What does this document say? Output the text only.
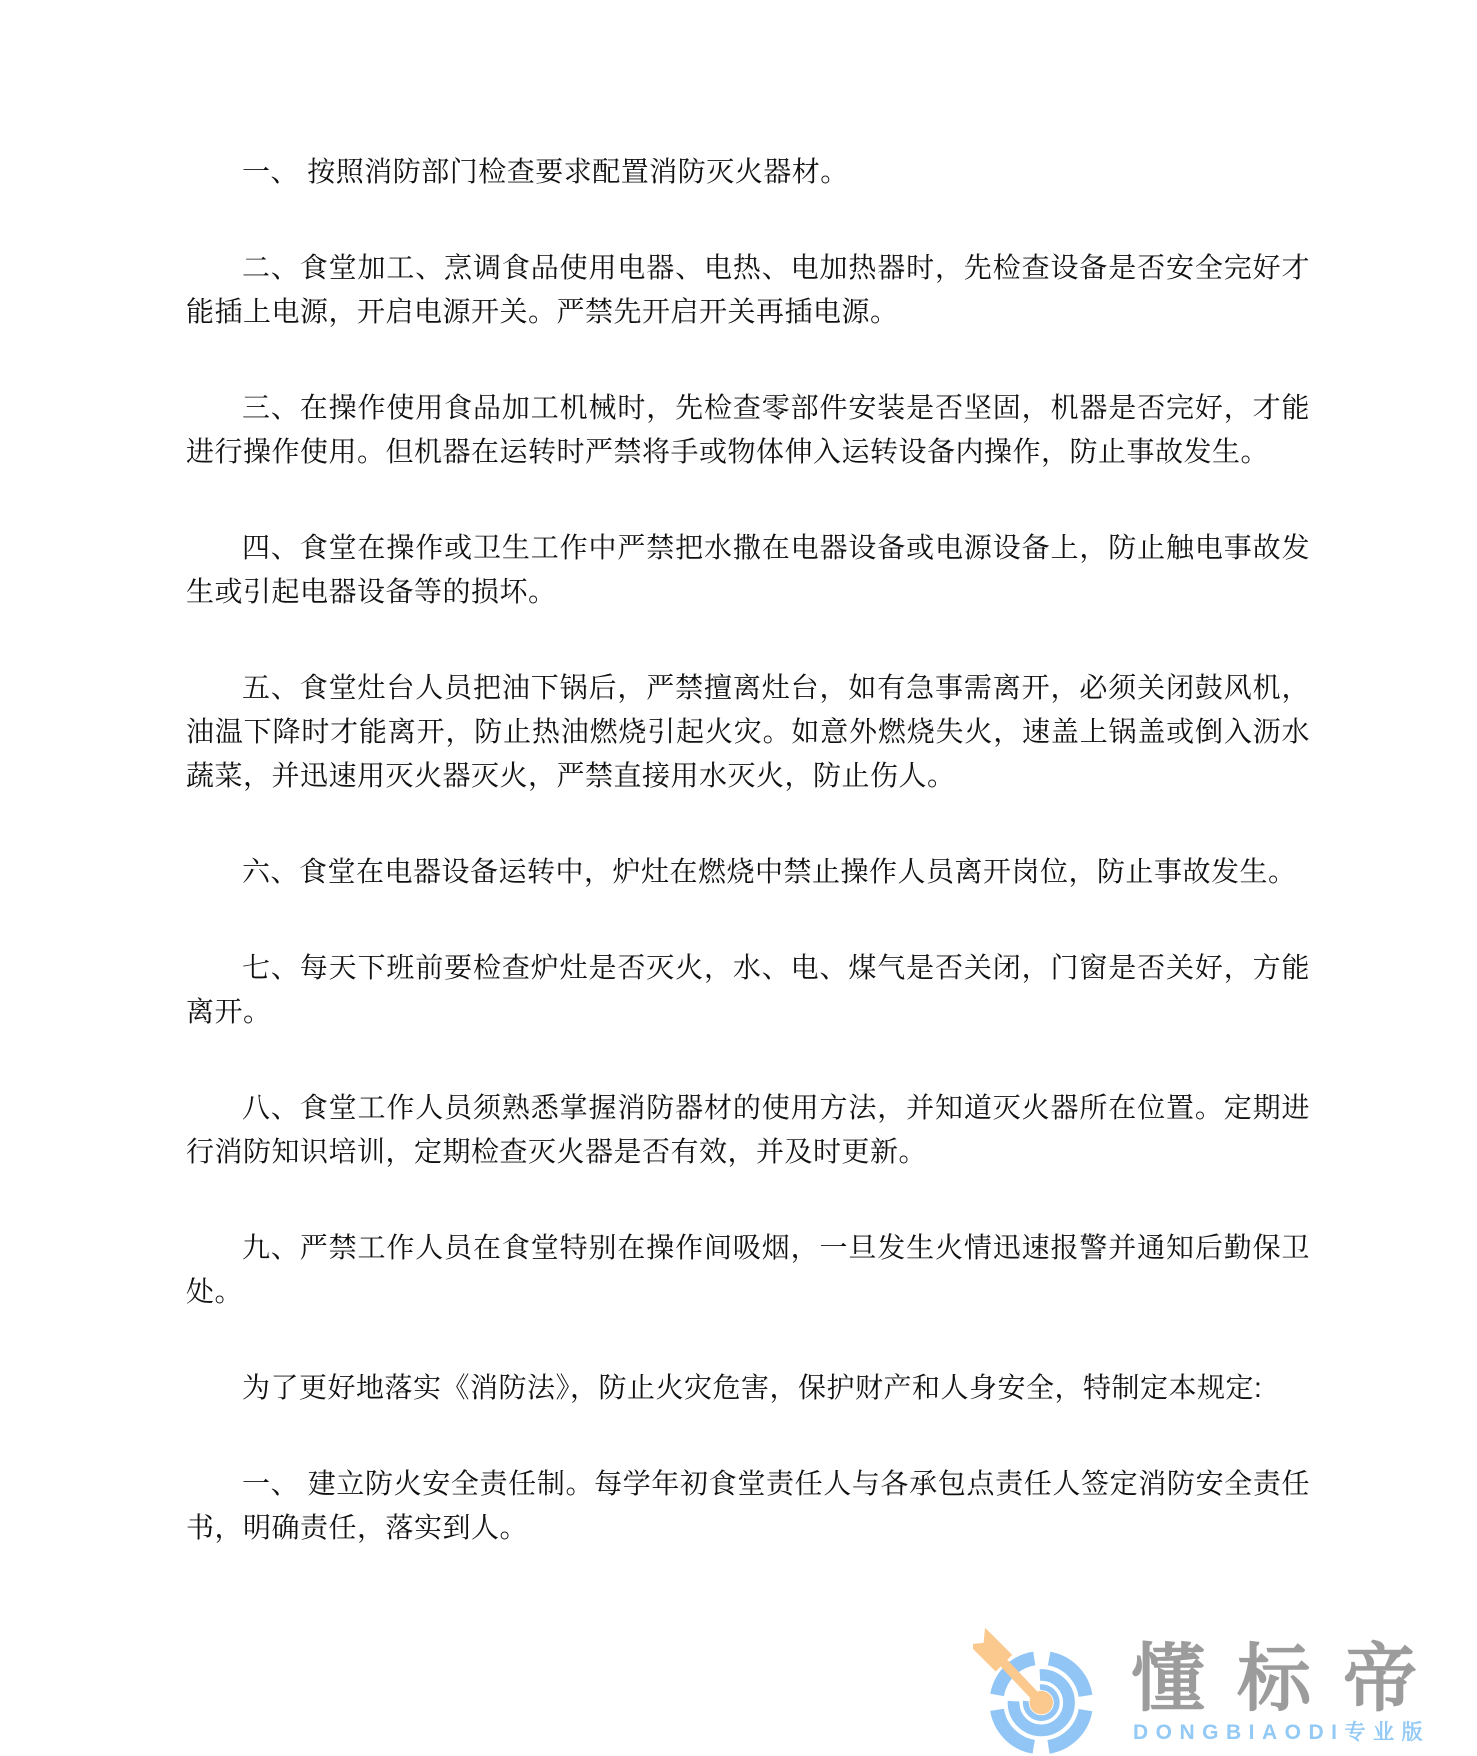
一、 按照消防部门检查要求配置消防灭火器材。

二、食堂加工、烹调食品使用电器、电热、电加热器时，先检查设备是否安全完好才能插上电源，开启电源开关。严禁先开启开关再插电源。

三、在操作使用食品加工机械时，先检查零部件安装是否坚固，机器是否完好，才能进行操作使用。但机器在运转时严禁将手或物体伸入运转设备内操作，防止事故发生。

四、食堂在操作或卫生工作中严禁把水撒在电器设备或电源设备上，防止触电事故发生或引起电器设备等的损坏。

五、食堂灶台人员把油下锅后，严禁擅离灶台，如有急事需离开，必须关闭鼓风机，油温下降时才能离开，防止热油燃烧引起火灾。如意外燃烧失火，速盖上锅盖或倒入沥水蔬菜，并迅速用灭火器灭火，严禁直接用水灭火，防止伤人。

六、食堂在电器设备运转中，炉灶在燃烧中禁止操作人员离开岗位，防止事故发生。

七、每天下班前要检查炉灶是否灭火，水、电、煤气是否关闭，门窗是否关好，方能离开。

八、食堂工作人员须熟悉掌握消防器材的使用方法，并知道灭火器所在位置。定期进行消防知识培训，定期检查灭火器是否有效，并及时更新。

九、严禁工作人员在食堂特别在操作间吸烟，一旦发生火情迅速报警并通知后勤保卫处。

为了更好地落实《消防法》，防止火灾危害，保护财产和人身安全，特制定本规定:

一、 建立防火安全责任制。每学年初食堂责任人与各承包点责任人签定消防安全责任书，明确责任，落实到人。

懂标帝
DONGBIAODI专业版
